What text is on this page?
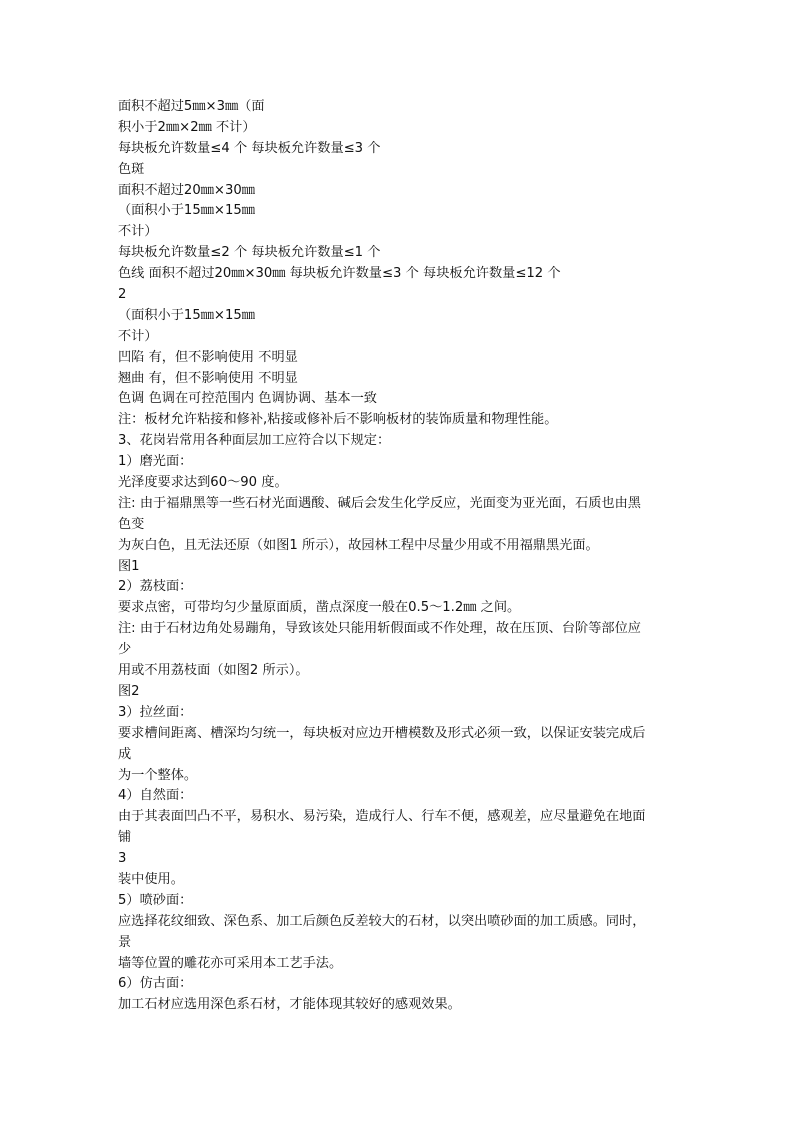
面积不超过5㎜×3㎜（面
积小于2㎜×2㎜ 不计）
每块板允许数量≤4 个 每块板允许数量≤3 个
色斑
面积不超过20㎜×30㎜
（面积小于15㎜×15㎜
不计）
每块板允许数量≤2 个 每块板允许数量≤1 个
色线 面积不超过20㎜×30㎜ 每块板允许数量≤3 个 每块板允许数量≤12 个
2
（面积小于15㎜×15㎜
不计）
凹陷 有，但不影响使用 不明显
翘曲 有，但不影响使用 不明显
色调 色调在可控范围内 色调协调、基本一致
注：板材允许粘接和修补,粘接或修补后不影响板材的装饰质量和物理性能。
3、花岗岩常用各种面层加工应符合以下规定：
1）磨光面：
光泽度要求达到60～90 度。
注: 由于福鼎黑等一些石材光面遇酸、碱后会发生化学反应，光面变为亚光面，石质也由黑
色变
为灰白色，且无法还原（如图1 所示），故园林工程中尽量少用或不用福鼎黑光面。
图1
2）荔枝面：
要求点密，可带均匀少量原面质，凿点深度一般在0.5～1.2㎜ 之间。
注: 由于石材边角处易蹦角，导致该处只能用斩假面或不作处理，故在压顶、台阶等部位应
少
用或不用荔枝面（如图2 所示）。
图2
3）拉丝面：
要求槽间距离、槽深均匀统一，每块板对应边开槽模数及形式必须一致，以保证安装完成后
成
为一个整体。
4）自然面：
由于其表面凹凸不平，易积水、易污染，造成行人、行车不便，感观差，应尽量避免在地面
铺
3
装中使用。
5）喷砂面：
应选择花纹细致、深色系、加工后颜色反差较大的石材，以突出喷砂面的加工质感。同时，
景
墙等位置的雕花亦可采用本工艺手法。
6）仿古面：
加工石材应选用深色系石材，才能体现其较好的感观效果。
